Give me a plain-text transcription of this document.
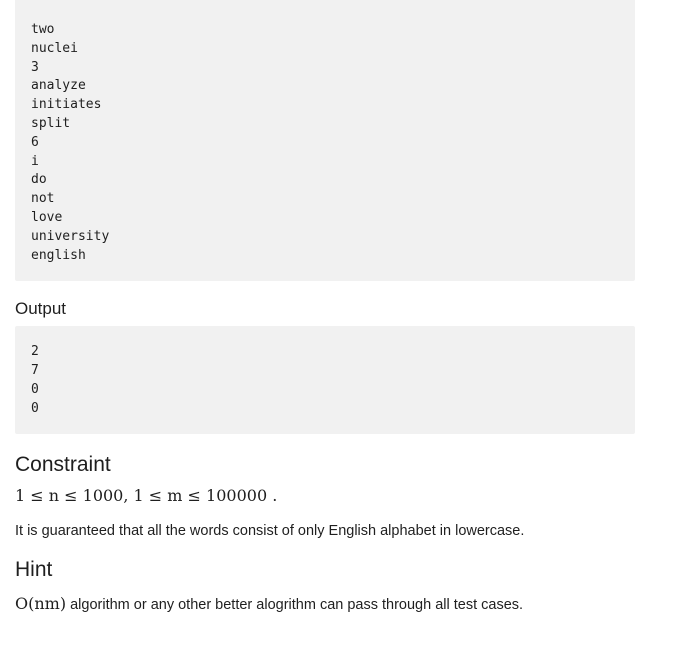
two
nuclei
3
analyze
initiates
split
6
i
do
not
love
university
english
Output
2
7
0
0
Constraint
1 ≤ n ≤ 1000, 1 ≤ m ≤ 100000 .
It is guaranteed that all the words consist of only English alphabet in lowercase.
Hint
O(nm) algorithm or any other better alogrithm can pass through all test cases.
